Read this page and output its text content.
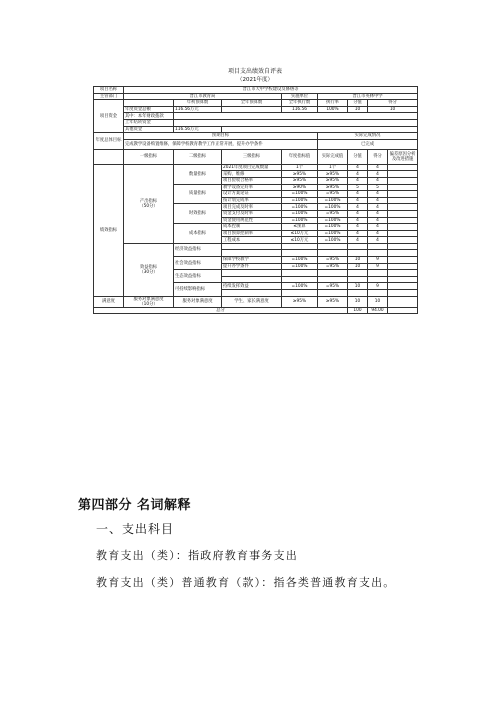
项目支出绩效自评表
（2021年度）
项目名称	晋江市大中学校建设及修缮等							
主管部门	晋江市教育局			实施单位	晋江市英林中学			
项目资金		年初预算数	全年预算数	全年执行数	执行率	分值	得分	
	年度资金总额	116.56万元		116.56	100%	10	10	
	其中：本年财政拨款							
	上年结转资金							
	其他资金	116.56万元						
年度总体目标	预期目标				实际完成情况			
	完成教学设备购置维修，保障学校教育教学工作正常开展，提升办学条件				已完成			
	一级指标	二级指标	三级指标	年度指标值	实际完成值	分值	得分	偏差原因分析及改进措施
绩效指标	产出指标
（50分）	数量指标	2021年度项目完成数量	1个	1个	4	4	
			采购、维修	≥95%	≥95%	4	4	
			项目验收合格率	≥95%	≥95%	4	4	
		质量指标	教学设备完好率	≥90%	≥95%	5	5	
			设计方案论证	=100%	=95%	4	4	
			按计划完成率	=100%	=100%	4	4	
		时效指标	项目完成及时率	=100%	=100%	4	4	
			资金支付及时率	=100%	=95%	4	4	
			资金使用规范性	=100%	=100%	4	4	
		成本指标	成本控制	≤预算	=100%	4	4	
			项目预算控制率	≤10万元	=100%	4	4	
			工程成本	≤10万元	=100%	4	4	
	效益指标
（30分）	经济效益指标						

		社会效益指标	保障学校教学	=100%	=95%	10	9	
			提升办学条件	=100%	=95%	10	9	
		生态效益指标						

		可持续影响指标	持续发挥效益	=100%	=95%	10	9	

满意度	服务对象满意度
（10分）	服务对象满意度	学生、家长满意度	≥95%	≥95%	10	10	
总分						100	94.00	
第四部分 名词解释
一、支出科目
教育支出（类）：指政府教育事务支出
教育支出（类）普通教育（款）：指各类普通教育支出。
